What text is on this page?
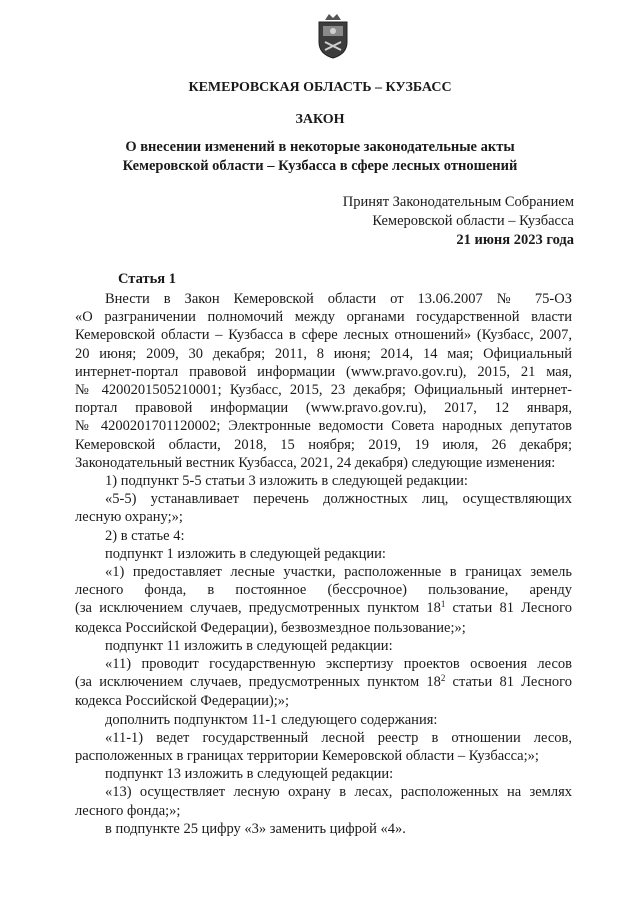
КЕМЕРОВСКАЯ ОБЛАСТЬ – КУЗБАСС
ЗАКОН
О внесении изменений в некоторые законодательные акты
Кемеровской области – Кузбасса в сфере лесных отношений
Принят Законодательным Собранием
Кемеровской области – Кузбасса
21 июня 2023 года
Статья 1

Внести в Закон Кемеровской области от 13.06.2007 № 75-ОЗ

«О разграничении полномочий между органами государственной власти

Кемеровской области – Кузбасса в сфере лесных отношений» (Кузбасс, 2007,

20 июня; 2009, 30 декабря; 2011, 8 июня; 2014, 14 мая; Официальный

интернет-портал правовой информации (www.pravo.gov.ru), 2015, 21 мая,

№ 4200201505210001; Кузбасс, 2015, 23 декабря; Официальный интернет-

портал правовой информации (www.pravo.gov.ru), 2017, 12 января,

№ 4200201701120002; Электронные ведомости Совета народных депутатов

Кемеровской области, 2018, 15 ноября; 2019, 19 июля, 26 декабря;

Законодательный вестник Кузбасса, 2021, 24 декабря) следующие изменения:

1) подпункт 5-5 статьи 3 изложить в следующей редакции:

«5-5) устанавливает перечень должностных лиц, осуществляющих

лесную охрану;»;

2) в статье 4:

подпункт 1 изложить в следующей редакции:

«1) предоставляет лесные участки, расположенные в границах земель

лесного фонда, в постоянное (бессрочное) пользование, аренду

(за исключением случаев, предусмотренных пунктом $18^1$ статьи 81 Лесного

кодекса Российской Федерации), безвозмездное пользование;»;

подпункт 11 изложить в следующей редакции:

«11) проводит государственную экспертизу проектов освоения лесов

(за исключением случаев, предусмотренных пунктом $18^2$ статьи 81 Лесного

кодекса Российской Федерации);»;

дополнить подпунктом 11-1 следующего содержания:

«11-1) ведет государственный лесной реестр в отношении лесов,

расположенных в границах территории Кемеровской области – Кузбасса;»;

подпункт 13 изложить в следующей редакции:

«13) осуществляет лесную охрану в лесах, расположенных на землях

лесного фонда;»;

в подпункте 25 цифру «3» заменить цифрой «4».
